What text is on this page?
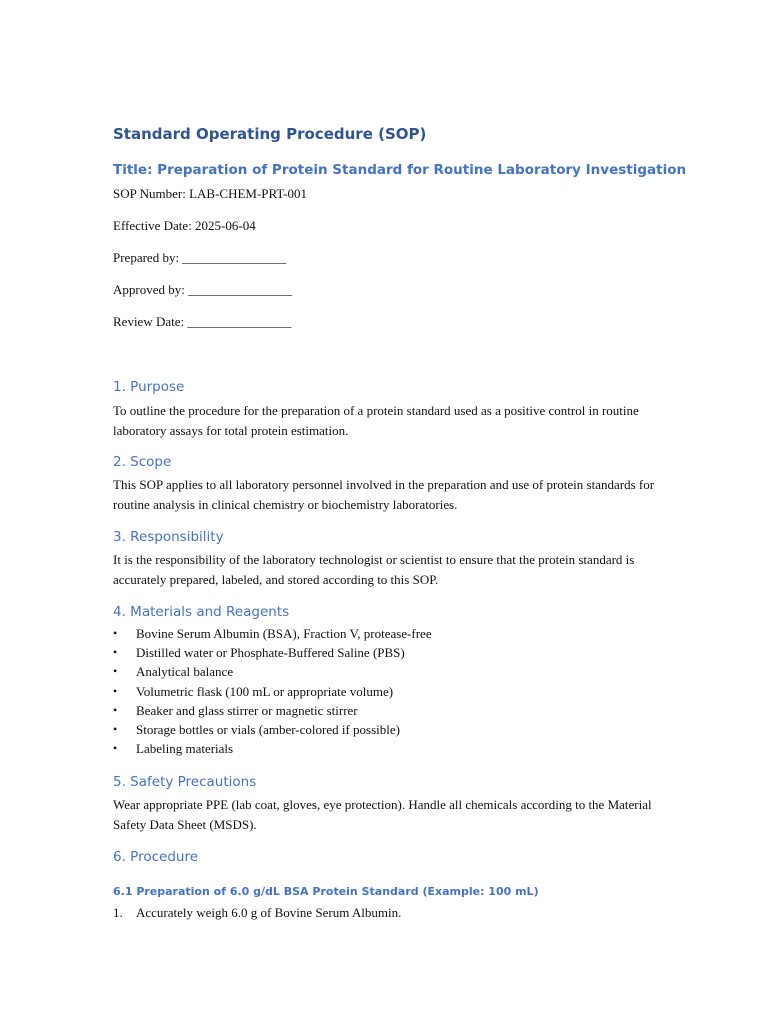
Standard Operating Procedure (SOP)
Title: Preparation of Protein Standard for Routine Laboratory Investigation

SOP Number: LAB-CHEM-PRT-001

Effective Date: 2025-06-04

Prepared by: ________________

Approved by: ________________

Review Date: ________________

1. Purpose

To outline the procedure for the preparation of a protein standard used as a positive control in routine laboratory assays for total protein estimation.

2. Scope

This SOP applies to all laboratory personnel involved in the preparation and use of protein standards for routine analysis in clinical chemistry or biochemistry laboratories.

3. Responsibility

It is the responsibility of the laboratory technologist or scientist to ensure that the protein standard is accurately prepared, labeled, and stored according to this SOP.

4. Materials and Reagents
• Bovine Serum Albumin (BSA), Fraction V, protease-free
• Distilled water or Phosphate-Buffered Saline (PBS)
• Analytical balance
• Volumetric flask (100 mL or appropriate volume)
• Beaker and glass stirrer or magnetic stirrer
• Storage bottles or vials (amber-colored if possible)
• Labeling materials
5. Safety Precautions

Wear appropriate PPE (lab coat, gloves, eye protection). Handle all chemicals according to the Material Safety Data Sheet (MSDS).

6. Procedure
6.1 Preparation of 6.0 g/dL BSA Protein Standard (Example: 100 mL)
1. Accurately weigh 6.0 g of Bovine Serum Albumin.
